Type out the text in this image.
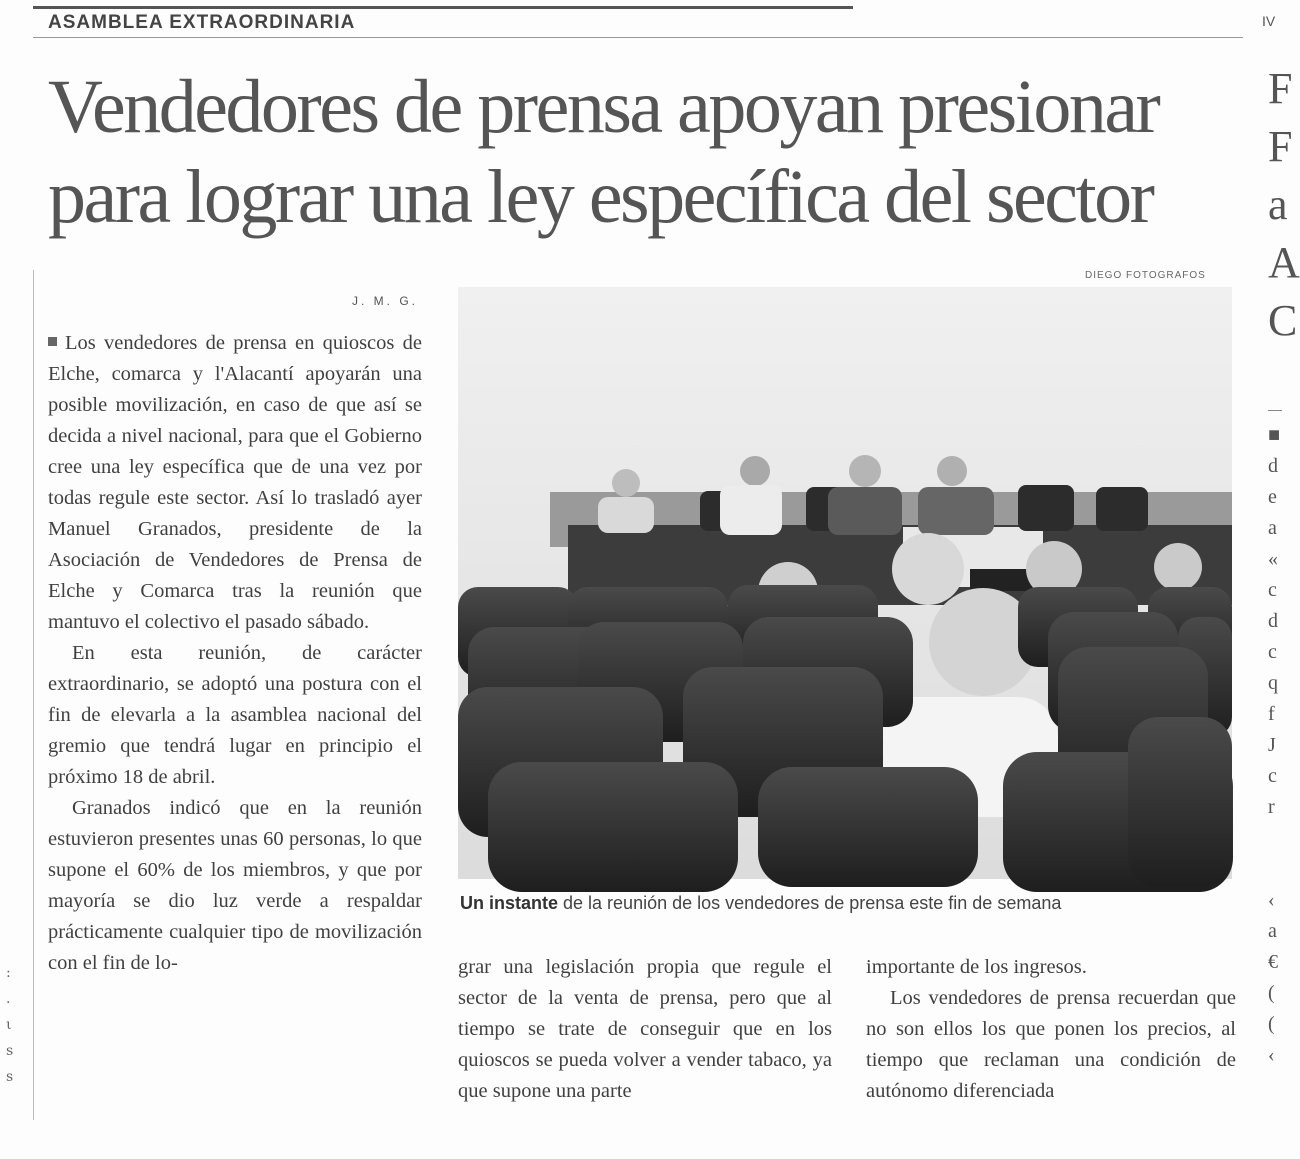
ASAMBLEA EXTRAORDINARIA	IV
Vendedores de prensa apoyan presionar
para lograr una ley específica del sector
DIEGO FOTOGRAFOS
J. M. G.

Los vendedores de prensa en quioscos de Elche, comarca y l'Alacantí apoyarán una posible movilización, en caso de que así se decida a nivel nacional, para que el Gobierno cree una ley específica que de una vez por todas regule este sector. Así lo trasladó ayer Manuel Granados, presidente de la Asociación de Vendedores de Prensa de Elche y Comarca tras la reunión que mantuvo el colectivo el pasado sábado.

En esta reunión, de carácter extraordinario, se adoptó una postura con el fin de elevarla a la asamblea nacional del gremio que tendrá lugar en principio el próximo 18 de abril.

Granados indicó que en la reunión estuvieron presentes unas 60 personas, lo que supone el 60% de los miembros, y que por mayoría se dio luz verde a respaldar prácticamente cualquier tipo de movilización con el fin de lo-

Un instante de la reunión de los vendedores de prensa este fin de semana

grar una legislación propia que regule el sector de la venta de prensa, pero que al tiempo se trate de conseguir que en los quioscos se pueda volver a vender tabaco, ya que supone una parte

importante de los ingresos.

Los vendedores de prensa recuerdan que no son ellos los que ponen los precios, al tiempo que reclaman una condición de autónomo diferenciada

F
F
a
A
C
■
d
e
a
«
c
d
c
q
f
J
c
r
‹
a
€
(
(
‹
:
.
ι
s
s
